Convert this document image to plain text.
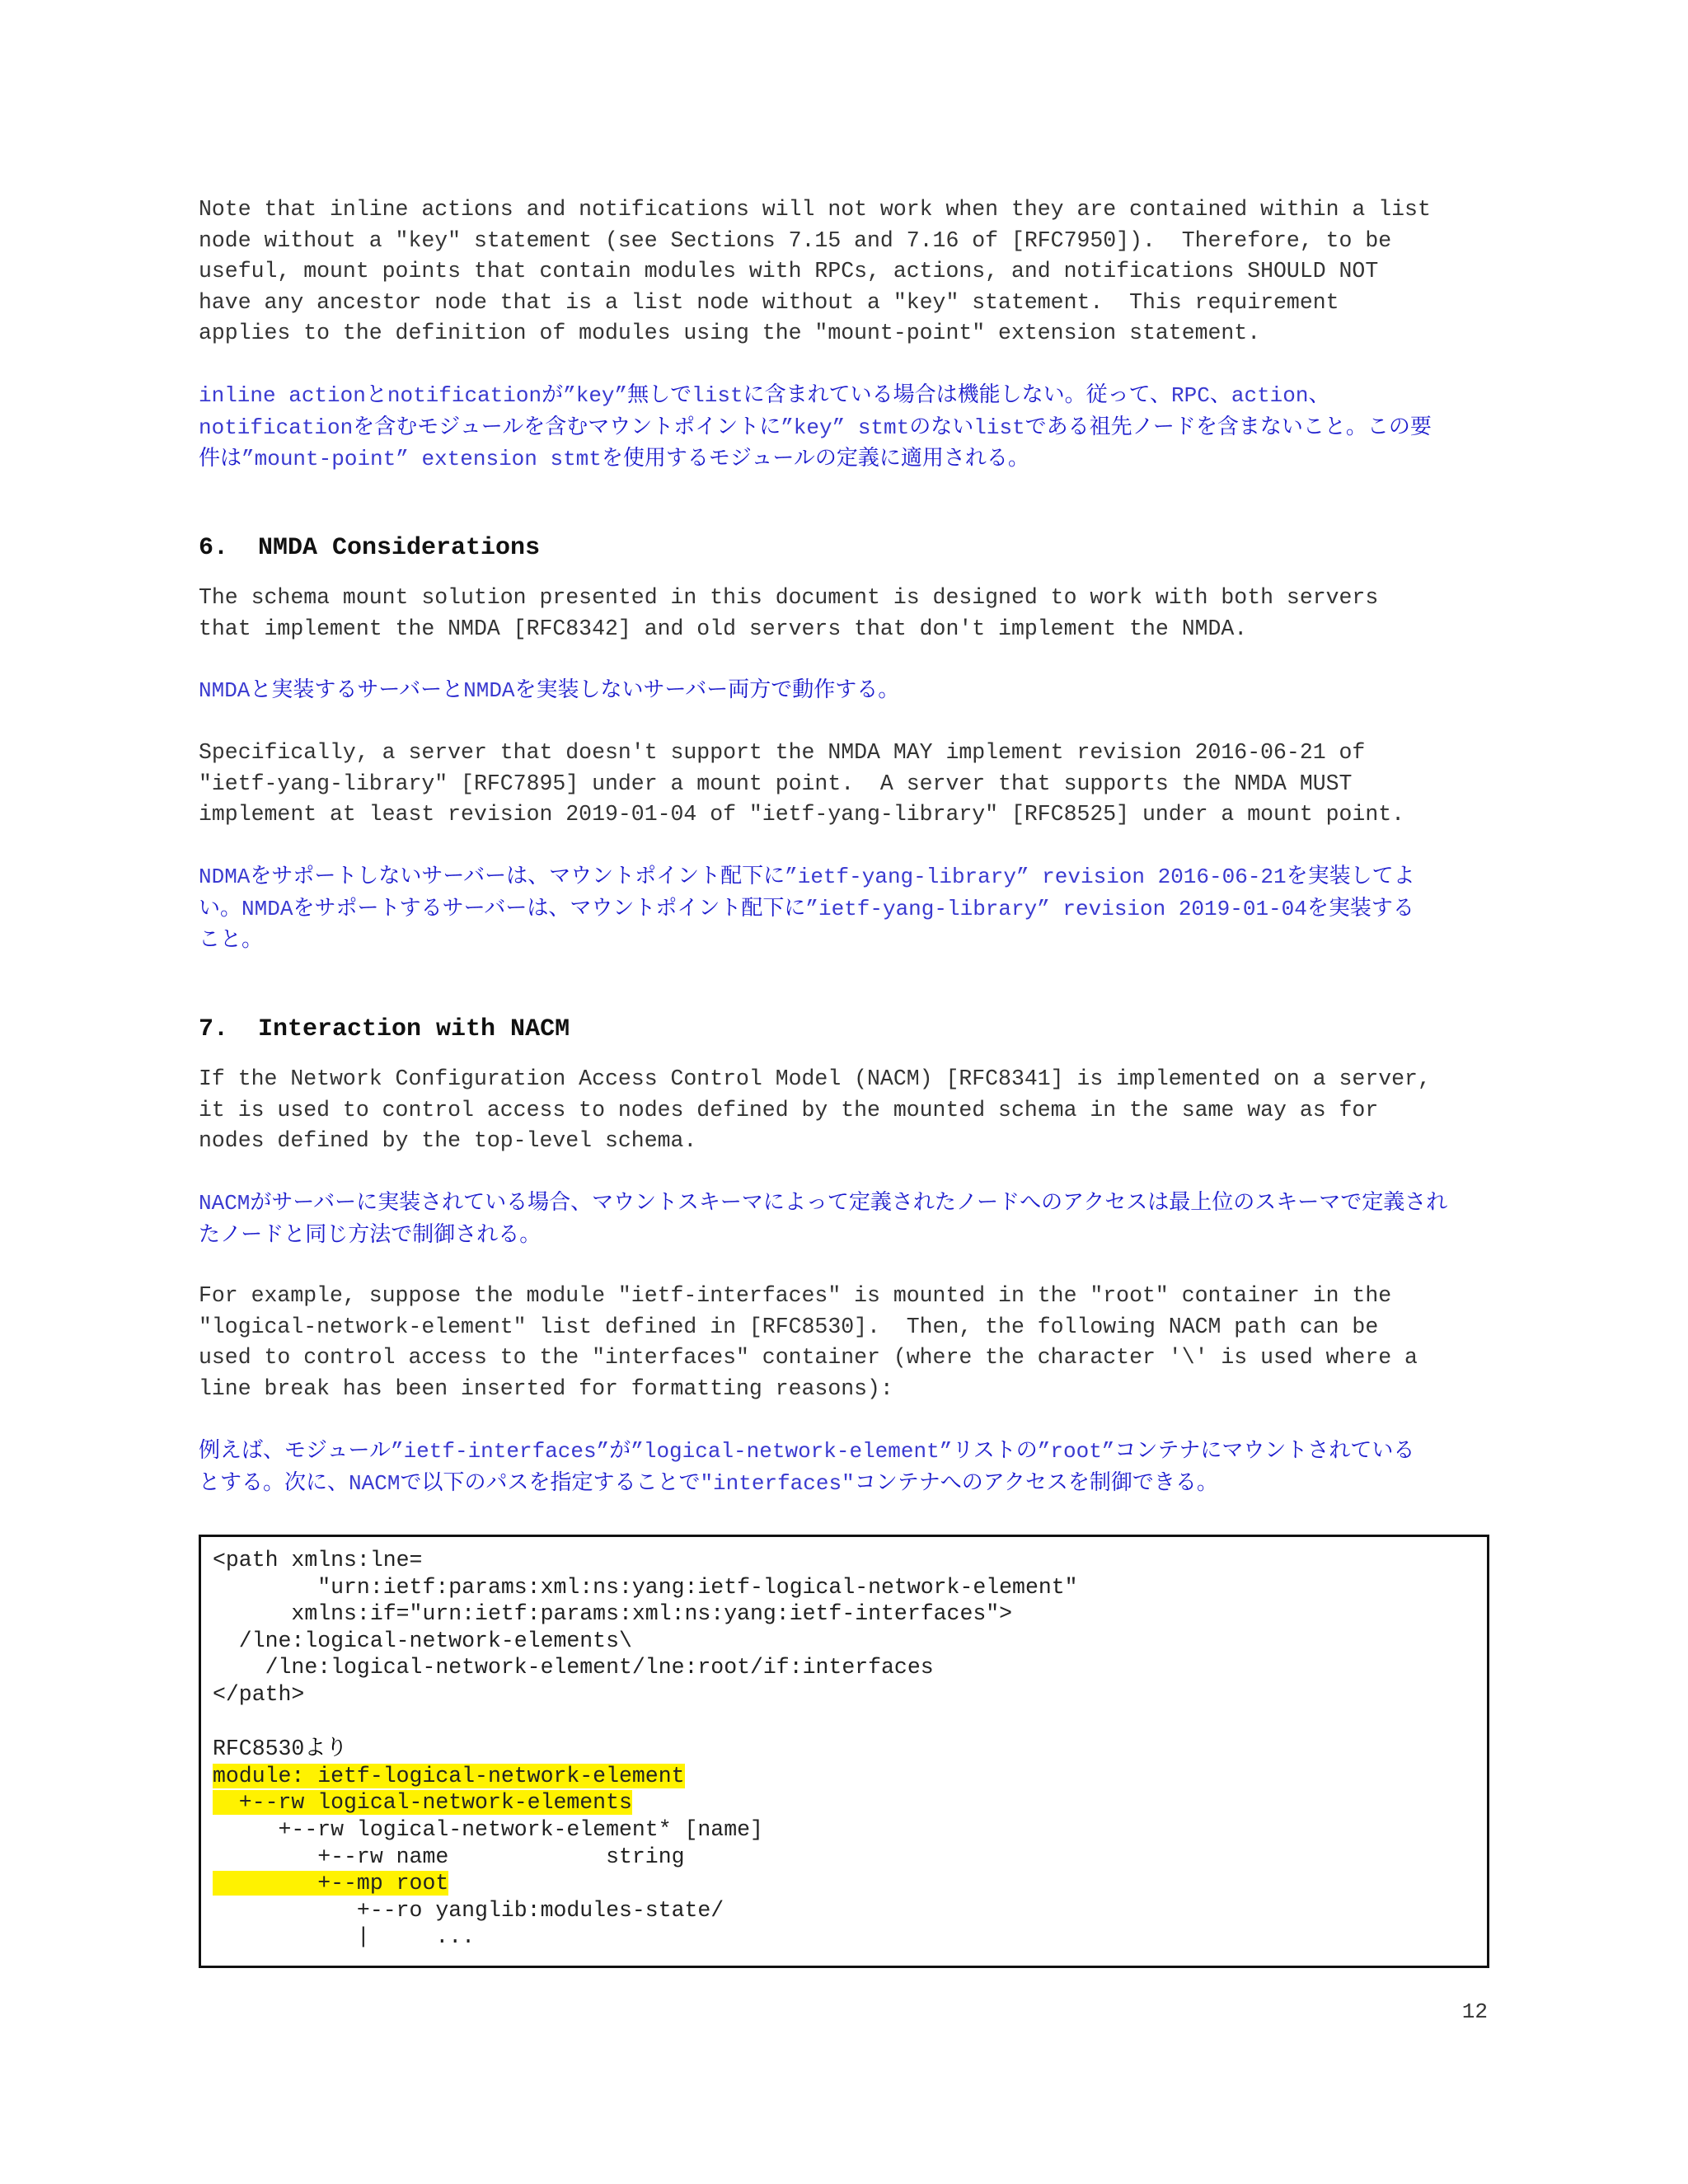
Note that inline actions and notifications will not work when they are contained within a list
node without a "key" statement (see Sections 7.15 and 7.16 of [RFC7950]).  Therefore, to be
useful, mount points that contain modules with RPCs, actions, and notifications SHOULD NOT
have any ancestor node that is a list node without a "key" statement.  This requirement
applies to the definition of modules using the "mount-point" extension statement.

inline actionとnotificationが”key”無しでlistに含まれている場合は機能しない。従って、RPC、action、
notificationを含むモジュールを含むマウントポイントに”key” stmtのないlistである祖先ノードを含まないこと。この要
件は”mount-point” extension stmtを使用するモジュールの定義に適用される。
6.  NMDA Considerations

The schema mount solution presented in this document is designed to work with both servers
that implement the NMDA [RFC8342] and old servers that don't implement the NMDA.

NMDAと実装するサーバーとNMDAを実装しないサーバー両方で動作する。

Specifically, a server that doesn't support the NMDA MAY implement revision 2016-06-21 of
"ietf-yang-library" [RFC7895] under a mount point.  A server that supports the NMDA MUST
implement at least revision 2019-01-04 of "ietf-yang-library" [RFC8525] under a mount point.

NDMAをサポートしないサーバーは、マウントポイント配下に”ietf-yang-library” revision 2016-06-21を実装してよ
い。NMDAをサポートするサーバーは、マウントポイント配下に”ietf-yang-library” revision 2019-01-04を実装する
こと。
7.  Interaction with NACM

If the Network Configuration Access Control Model (NACM) [RFC8341] is implemented on a server,
it is used to control access to nodes defined by the mounted schema in the same way as for
nodes defined by the top-level schema.

NACMがサーバーに実装されている場合、マウントスキーマによって定義されたノードへのアクセスは最上位のスキーマで定義され
たノードと同じ方法で制御される。

For example, suppose the module "ietf-interfaces" is mounted in the "root" container in the
"logical-network-element" list defined in [RFC8530].  Then, the following NACM path can be
used to control access to the "interfaces" container (where the character '\' is used where a
line break has been inserted for formatting reasons):

例えば、モジュール”ietf-interfaces”が”logical-network-element”リストの”root”コンテナにマウントされている
とする。次に、NACMで以下のパスを指定することで"interfaces"コンテナへのアクセスを制御できる。
<path xmlns:lne=
"urn:ietf:params:xml:ns:yang:ietf-logical-network-element"
xmlns:if="urn:ietf:params:xml:ns:yang:ietf-interfaces">
/lne:logical-network-elements\
/lne:logical-network-element/lne:root/if:interfaces
</path>

RFC8530より
module: ietf-logical-network-element
+--rw logical-network-elements
+--rw logical-network-element* [name]
+--rw name            string
+--mp root
+--ro yanglib:modules-state/
|     ...
12
